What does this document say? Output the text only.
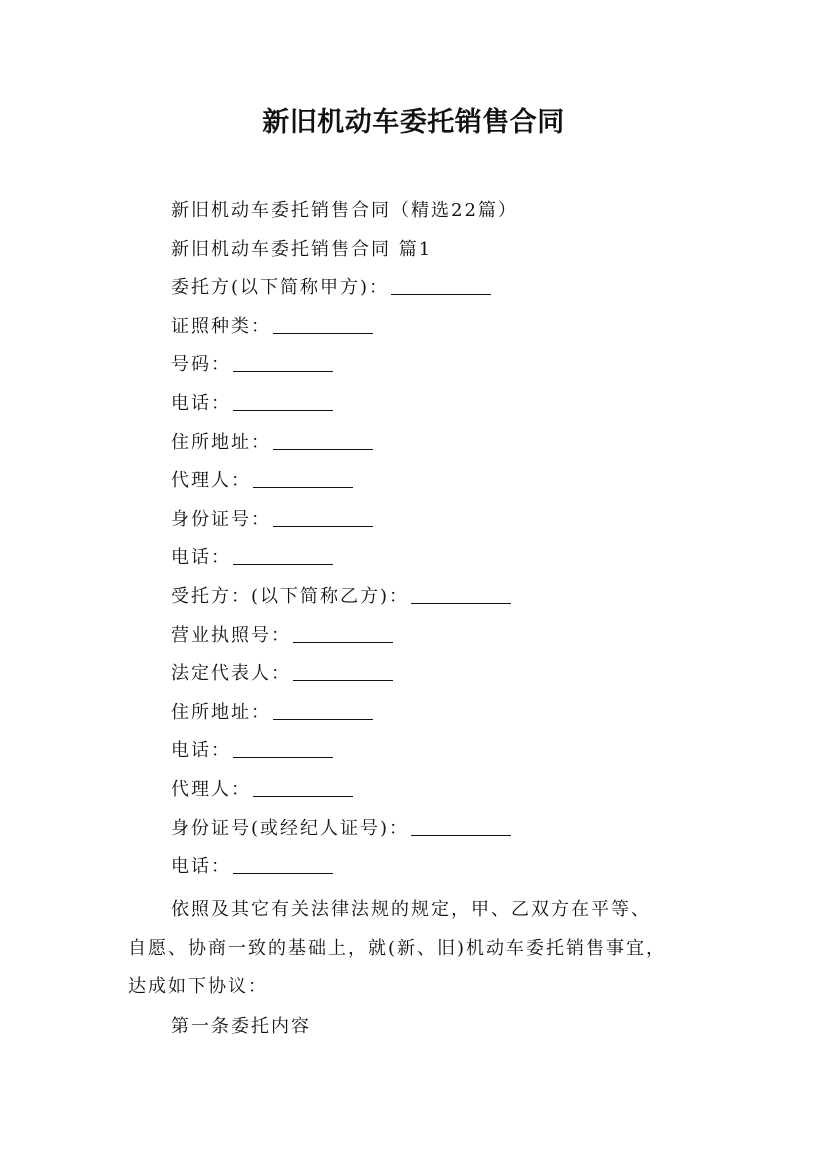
新旧机动车委托销售合同
新旧机动车委托销售合同（精选22篇）
新旧机动车委托销售合同 篇1
委托方(以下简称甲方)：
证照种类：
号码：
电话：
住所地址：
代理人：
身份证号：
电话：
受托方：(以下简称乙方)：
营业执照号：
法定代表人：
住所地址：
电话：
代理人：
身份证号(或经纪人证号)：
电话：
依照及其它有关法律法规的规定，甲、乙双方在平等、
自愿、协商一致的基础上，就(新、旧)机动车委托销售事宜，
达成如下协议：
第一条委托内容
